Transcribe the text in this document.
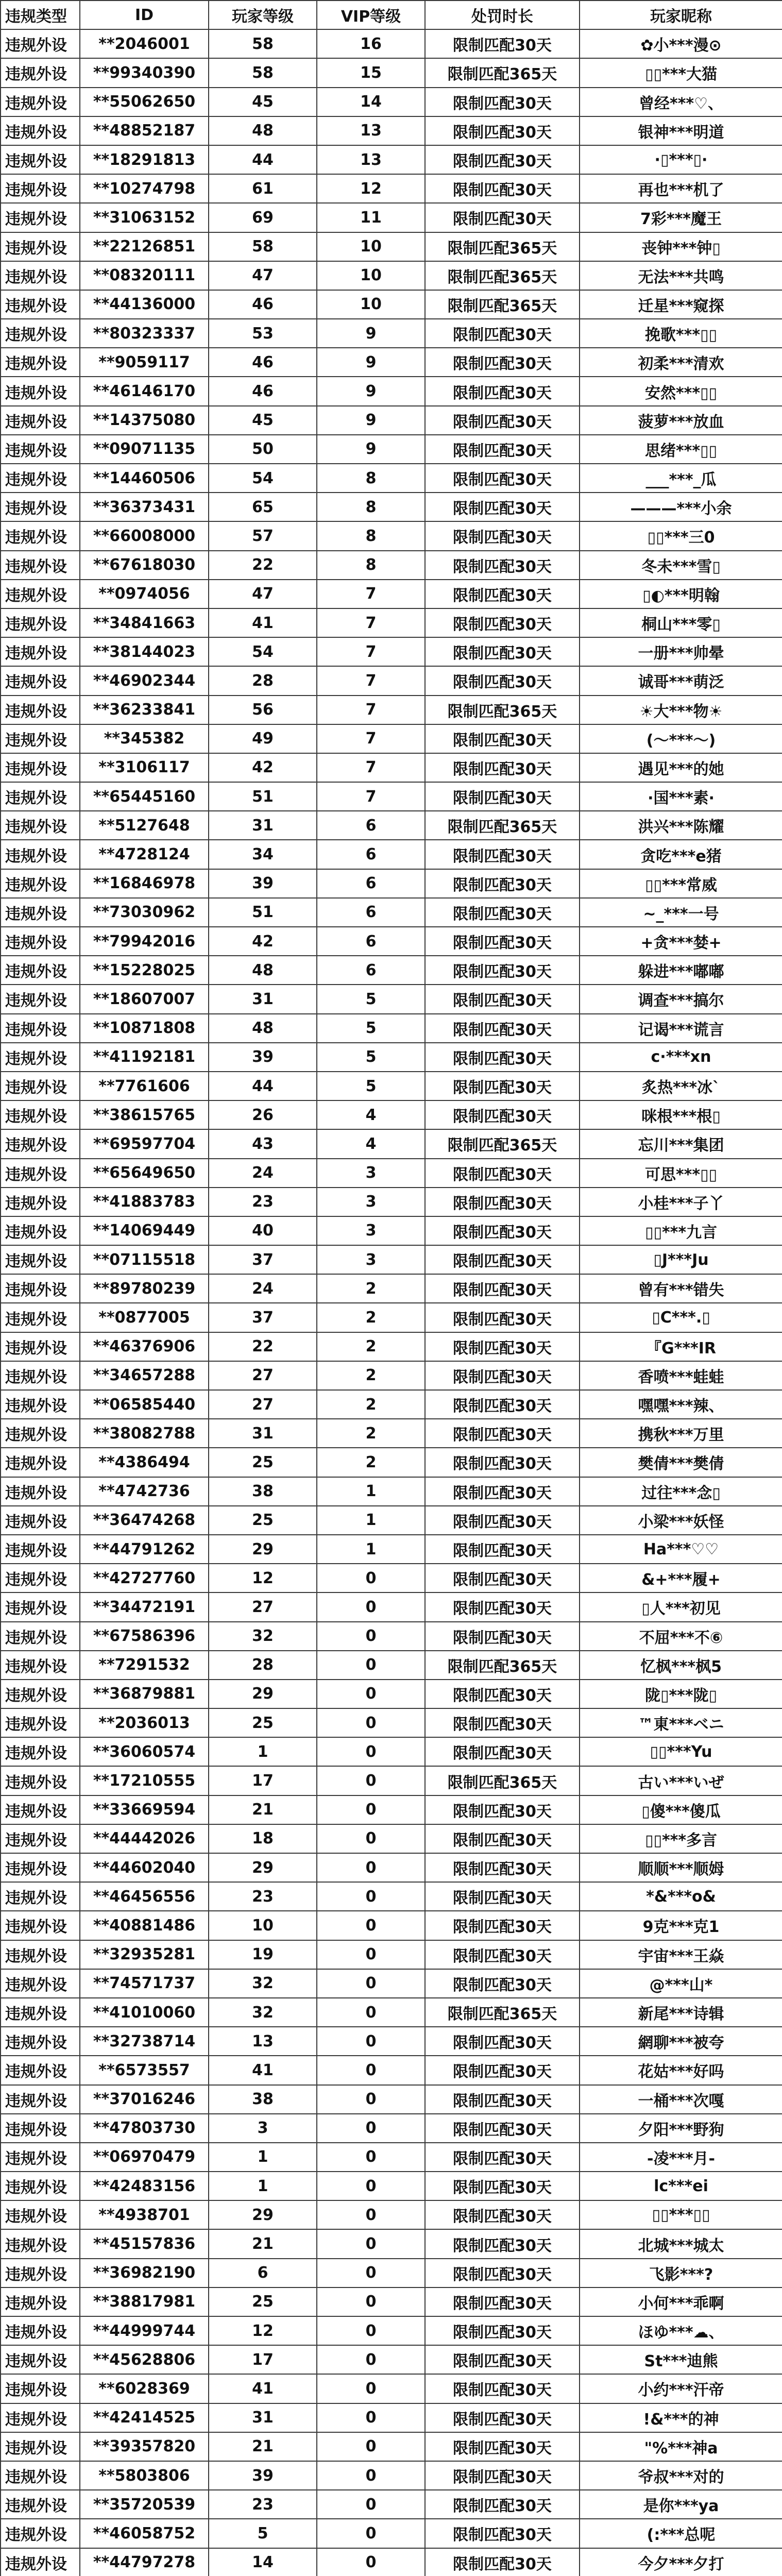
违规类型	ID	玩家等级	VIP等级	处罚时长	玩家昵称
违规外设	**2046001	58	16	限制匹配30天	✿小***漫⊙
违规外设	**99340390	58	15	限制匹配365天	▯▯***大猫
违规外设	**55062650	45	14	限制匹配30天	曾经***♡、
违规外设	**48852187	48	13	限制匹配30天	银神***明道
违规外设	**18291813	44	13	限制匹配30天	·▯***▯·
违规外设	**10274798	61	12	限制匹配30天	再也***机了
违规外设	**31063152	69	11	限制匹配30天	7彩***魔王
违规外设	**22126851	58	10	限制匹配365天	丧钟***钟▯
违规外设	**08320111	47	10	限制匹配365天	无法***共鸣
违规外设	**44136000	46	10	限制匹配365天	迁星***窥探
违规外设	**80323337	53	9	限制匹配30天	挽歌***▯▯
违规外设	**9059117	46	9	限制匹配30天	初柔***清欢
违规外设	**46146170	46	9	限制匹配30天	安然***▯▯
违规外设	**14375080	45	9	限制匹配30天	菠萝***放血
违规外设	**09071135	50	9	限制匹配30天	思绪***▯▯
违规外设	**14460506	54	8	限制匹配30天	___***_瓜
违规外设	**36373431	65	8	限制匹配30天	———***小余
违规外设	**66008000	57	8	限制匹配30天	▯▯***三0
违规外设	**67618030	22	8	限制匹配30天	冬未***雪▯
违规外设	**0974056	47	7	限制匹配30天	▯◐***明翰
违规外设	**34841663	41	7	限制匹配30天	桐山***零▯
违规外设	**38144023	54	7	限制匹配30天	一册***帅晕
违规外设	**46902344	28	7	限制匹配30天	诚哥***萌泛
违规外设	**36233841	56	7	限制匹配365天	☀大***物☀
违规外设	**345382	49	7	限制匹配30天	(～***～)
违规外设	**3106117	42	7	限制匹配30天	遇见***的她
违规外设	**65445160	51	7	限制匹配30天	·国***素·
违规外设	**5127648	31	6	限制匹配365天	洪兴***陈耀
违规外设	**4728124	34	6	限制匹配30天	贪吃***e猪
违规外设	**16846978	39	6	限制匹配30天	▯▯***常威
违规外设	**73030962	51	6	限制匹配30天	~_***一号
违规外设	**79942016	42	6	限制匹配30天	+贪***婪+
违规外设	**15228025	48	6	限制匹配30天	躲进***嘟嘟
违规外设	**18607007	31	5	限制匹配30天	调查***搞尔
违规外设	**10871808	48	5	限制匹配30天	记谒***谎言
违规外设	**41192181	39	5	限制匹配30天	c·***xn
违规外设	**7761606	44	5	限制匹配30天	炙热***冰`
违规外设	**38615765	26	4	限制匹配30天	咪根***根▯
违规外设	**69597704	43	4	限制匹配365天	忘川***集团
违规外设	**65649650	24	3	限制匹配30天	可思***▯▯
违规外设	**41883783	23	3	限制匹配30天	小桂***子丫
违规外设	**14069449	40	3	限制匹配30天	▯▯***九言
违规外设	**07115518	37	3	限制匹配30天	▯J***Ju
违规外设	**89780239	24	2	限制匹配30天	曾有***错失
违规外设	**0877005	37	2	限制匹配30天	▯C***.▯
违规外设	**46376906	22	2	限制匹配30天	『G***IR
违规外设	**34657288	27	2	限制匹配30天	香喷***蛙蛙
违规外设	**06585440	27	2	限制匹配30天	嘿嘿***辣、
违规外设	**38082788	31	2	限制匹配30天	携秋***万里
违规外设	**4386494	25	2	限制匹配30天	樊倩***樊倩
违规外设	**4742736	38	1	限制匹配30天	过往***念▯
违规外设	**36474268	25	1	限制匹配30天	小梁***妖怪
违规外设	**44791262	29	1	限制匹配30天	Ha***♡♡
违规外设	**42727760	12	0	限制匹配30天	&+***履+
违规外设	**34472191	27	0	限制匹配30天	▯人***初见
违规外设	**67586396	32	0	限制匹配30天	不屈***不⑥
违规外设	**7291532	28	0	限制匹配365天	忆枫***枫5
违规外设	**36879881	29	0	限制匹配30天	陇▯***陇▯
违规外设	**2036013	25	0	限制匹配30天	™東***ベニ
违规外设	**36060574	1	0	限制匹配30天	▯▯***Yu
违规外设	**17210555	17	0	限制匹配365天	古い***いぜ
违规外设	**33669594	21	0	限制匹配30天	▯傻***傻瓜
违规外设	**44442026	18	0	限制匹配30天	▯▯***多言
违规外设	**44602040	29	0	限制匹配30天	顺顺***顺姆
违规外设	**46456556	23	0	限制匹配30天	*&***o&
违规外设	**40881486	10	0	限制匹配30天	9克***克1
违规外设	**32935281	19	0	限制匹配30天	宇宙***王焱
违规外设	**74571737	32	0	限制匹配30天	@***山*
违规外设	**41010060	32	0	限制匹配365天	新尾***诗辑
违规外设	**32738714	13	0	限制匹配30天	網聊***被夸
违规外设	**6573557	41	0	限制匹配30天	花姑***好吗
违规外设	**37016246	38	0	限制匹配30天	一桶***次嘎
违规外设	**47803730	3	0	限制匹配30天	夕阳***野狗
违规外设	**06970479	1	0	限制匹配30天	-凌***月-
违规外设	**42483156	1	0	限制匹配30天	lc***ei
违规外设	**4938701	29	0	限制匹配30天	▯▯***▯▯
违规外设	**45157836	21	0	限制匹配30天	北城***城太
违规外设	**36982190	6	0	限制匹配30天	飞影***?
违规外设	**38817981	25	0	限制匹配30天	小何***乖啊
违规外设	**44999744	12	0	限制匹配30天	ほゆ***☁、
违规外设	**45628806	17	0	限制匹配30天	St***迪熊
违规外设	**6028369	41	0	限制匹配30天	小约***汗帝
违规外设	**42414525	31	0	限制匹配30天	!&***的神
违规外设	**39357820	21	0	限制匹配30天	"%***神a
违规外设	**5803806	39	0	限制匹配30天	爷叔***对的
违规外设	**35720539	23	0	限制匹配30天	是你***ya
违规外设	**46058752	5	0	限制匹配30天	(:***总呢
违规外设	**44797278	14	0	限制匹配30天	今夕***夕打
